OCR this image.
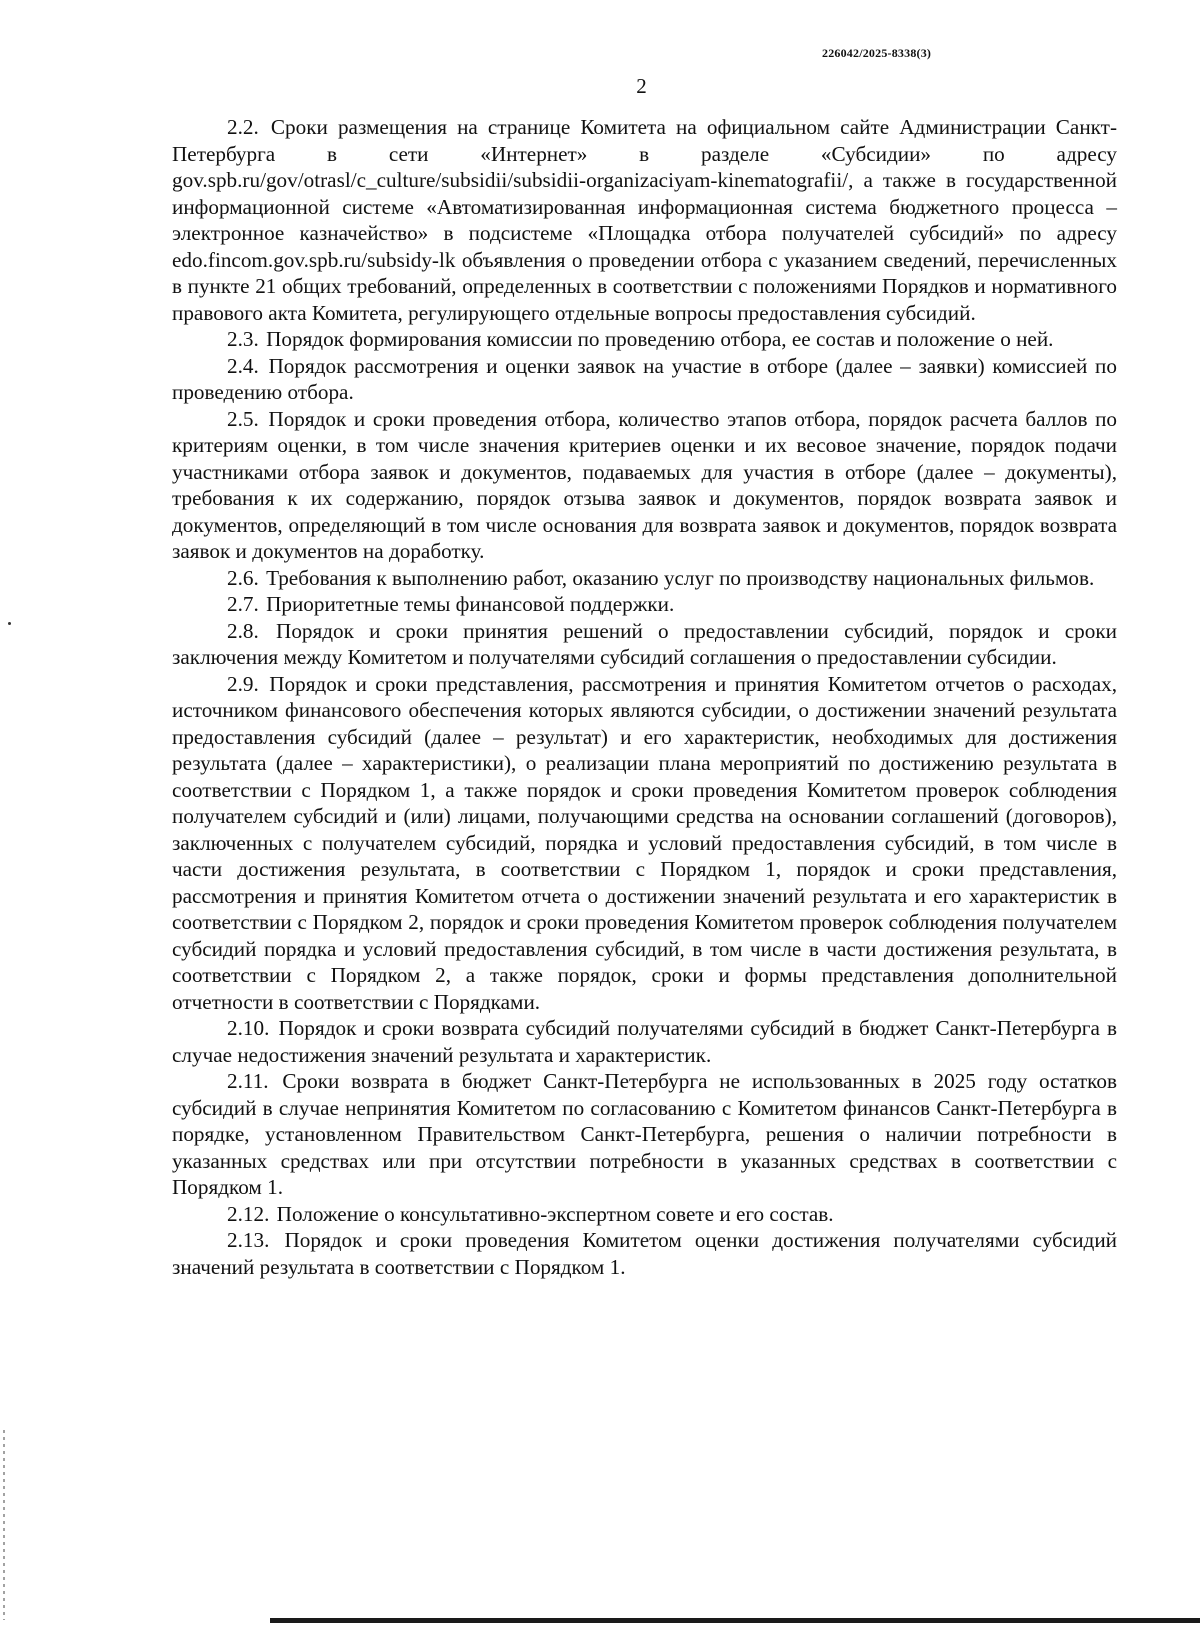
226042/2025-8338(3)
2

2.2. Сроки размещения на странице Комитета на официальном сайте Администрации Санкт-Петербурга в сети «Интернет» в разделе «Субсидии» по адресу gov.spb.ru/gov/otrasl/c_culture/subsidii/subsidii-organizaciyam-kinematografii/, а также в государственной информационной системе «Автоматизированная информационная система бюджетного процесса – электронное казначейство» в подсистеме «Площадка отбора получателей субсидий» по адресу edo.fincom.gov.spb.ru/subsidy-lk объявления о проведении отбора с указанием сведений, перечисленных в пункте 21 общих требований, определенных в соответствии с положениями Порядков и нормативного правового акта Комитета, регулирующего отдельные вопросы предоставления субсидий.

2.3. Порядок формирования комиссии по проведению отбора, ее состав и положение о ней.

2.4. Порядок рассмотрения и оценки заявок на участие в отборе (далее – заявки) комиссией по проведению отбора.

2.5. Порядок и сроки проведения отбора, количество этапов отбора, порядок расчета баллов по критериям оценки, в том числе значения критериев оценки и их весовое значение, порядок подачи участниками отбора заявок и документов, подаваемых для участия в отборе (далее – документы), требования к их содержанию, порядок отзыва заявок и документов, порядок возврата заявок и документов, определяющий в том числе основания для возврата заявок и документов, порядок возврата заявок и документов на доработку.

2.6. Требования к выполнению работ, оказанию услуг по производству национальных фильмов.

2.7. Приоритетные темы финансовой поддержки.

2.8. Порядок и сроки принятия решений о предоставлении субсидий, порядок и сроки заключения между Комитетом и получателями субсидий соглашения о предоставлении субсидии.

2.9. Порядок и сроки представления, рассмотрения и принятия Комитетом отчетов о расходах, источником финансового обеспечения которых являются субсидии, о достижении значений результата предоставления субсидий (далее – результат) и его характеристик, необходимых для достижения результата (далее – характеристики), о реализации плана мероприятий по достижению результата в соответствии с Порядком 1, а также порядок и сроки проведения Комитетом проверок соблюдения получателем субсидий и (или) лицами, получающими средства на основании соглашений (договоров), заключенных с получателем субсидий, порядка и условий предоставления субсидий, в том числе в части достижения результата, в соответствии с Порядком 1, порядок и сроки представления, рассмотрения и принятия Комитетом отчета о достижении значений результата и его характеристик в соответствии с Порядком 2, порядок и сроки проведения Комитетом проверок соблюдения получателем субсидий порядка и условий предоставления субсидий, в том числе в части достижения результата, в соответствии с Порядком 2, а также порядок, сроки и формы представления дополнительной отчетности в соответствии с Порядками.

2.10. Порядок и сроки возврата субсидий получателями субсидий в бюджет Санкт-Петербурга в случае недостижения значений результата и характеристик.

2.11. Сроки возврата в бюджет Санкт-Петербурга не использованных в 2025 году остатков субсидий в случае непринятия Комитетом по согласованию с Комитетом финансов Санкт-Петербурга в порядке, установленном Правительством Санкт-Петербурга, решения о наличии потребности в указанных средствах или при отсутствии потребности в указанных средствах в соответствии с Порядком 1.

2.12. Положение о консультативно-экспертном совете и его состав.

2.13. Порядок и сроки проведения Комитетом оценки достижения получателями субсидий значений результата в соответствии с Порядком 1.
